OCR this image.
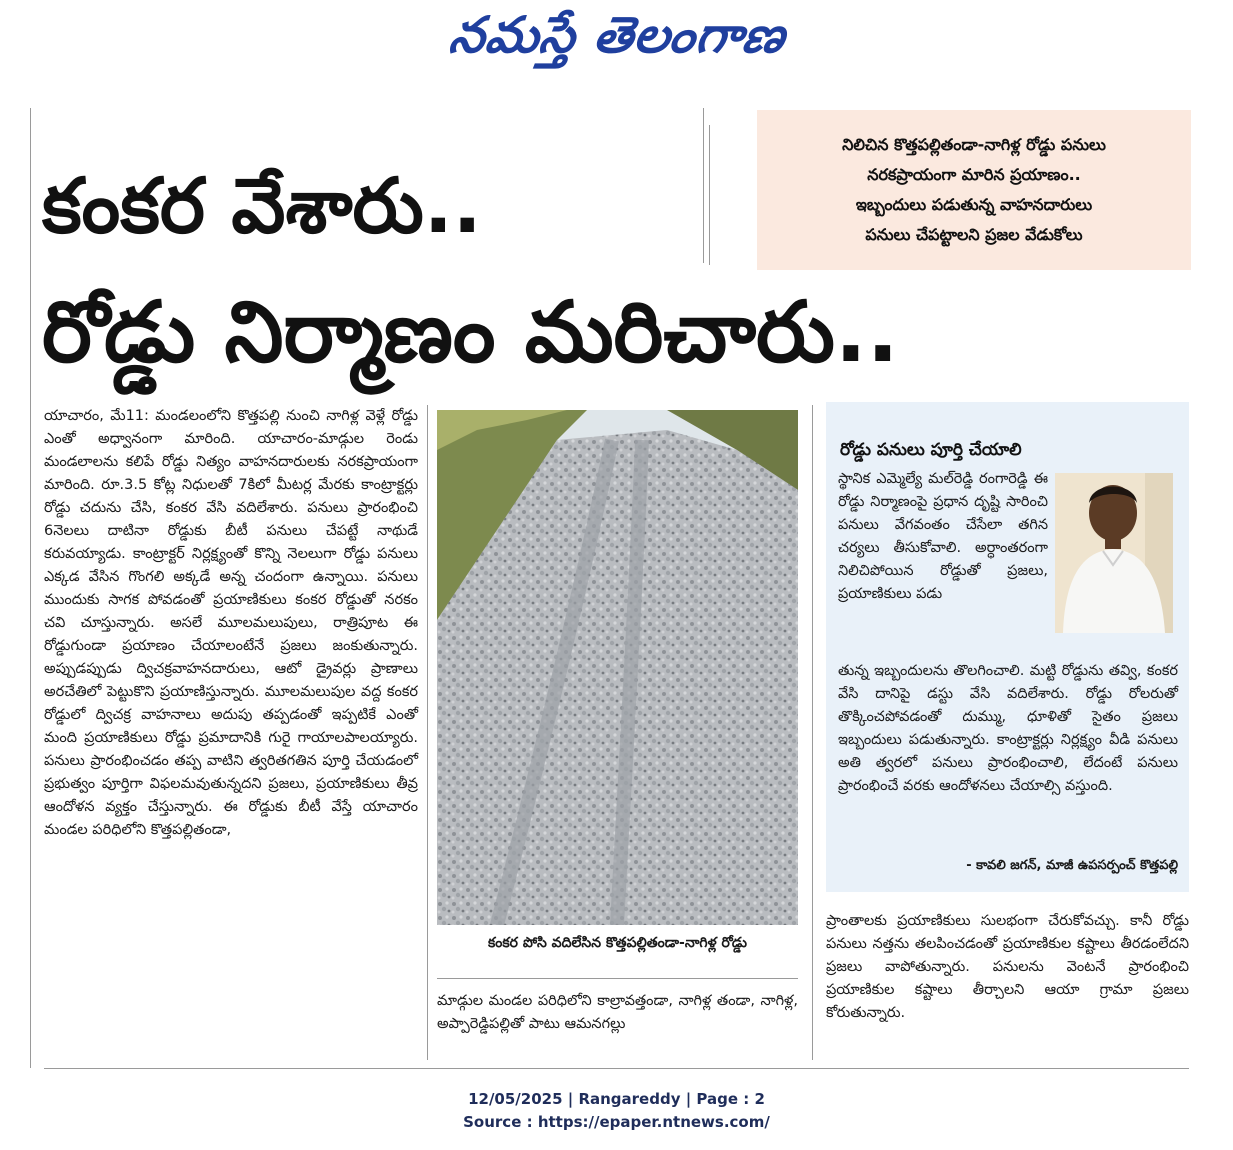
నమస్తే తెలంగాణ
కంకర వేశారు..
రోడ్డు నిర్మాణం మరిచారు..
నిలిచిన కొత్తపల్లితండా-నాగిళ్ల రోడ్డు పనులు
నరకప్రాయంగా మారిన ప్రయాణం..
ఇబ్బందులు పడుతున్న వాహనదారులు
పనులు చేపట్టాలని ప్రజల వేడుకోలు

యాచారం, మే11: మండలంలోని కొత్తపల్లి నుంచి నాగిళ్ల వెళ్లే రోడ్డు ఎంతో అధ్వానంగా మారింది. యాచారం-మాడ్గుల రెండు మండలాలను కలిపే రోడ్డు నిత్యం వాహనదారులకు నరకప్రాయంగా మారింది. రూ.3.5 కోట్ల నిధులతో 7కిలో మీటర్ల మేరకు కాంట్రాక్టర్లు రోడ్డు చదును చేసి, కంకర వేసి వదిలేశారు. పనులు ప్రారంభించి 6నెలలు దాటినా రోడ్డుకు బీటీ పనులు చేపట్టే నాథుడే కరువయ్యాడు. కాంట్రాక్టర్ నిర్లక్ష్యంతో కొన్ని నెలలుగా రోడ్డు పనులు ఎక్కడ వేసిన గొంగలి అక్కడే అన్న చందంగా ఉన్నాయి. పనులు ముందుకు సాగక పోవడంతో ప్రయాణికులు కంకర రోడ్డుతో నరకం చవి చూస్తున్నారు. అసలే మూలమలుపులు, రాత్రిపూట ఈ రోడ్డుగుండా ప్రయాణం చేయాలంటేనే ప్రజలు జంకుతున్నారు. అప్పుడప్పుడు ద్విచక్రవాహనదారులు, ఆటో డ్రైవర్లు ప్రాణాలు అరచేతిలో పెట్టుకొని ప్రయాణిస్తున్నారు. మూలమలుపుల వద్ద కంకర రోడ్డులో ద్విచక్ర వాహనాలు అదుపు తప్పడంతో ఇప్పటికే ఎంతో మంది ప్రయాణికులు రోడ్డు ప్రమాదానికి గురై గాయాలపాలయ్యారు. పనులు ప్రారంభించడం తప్ప వాటిని త్వరితగతిన పూర్తి చేయడంలో ప్రభుత్వం పూర్తిగా విఫలమవుతున్నదని ప్రజలు, ప్రయాణికులు తీవ్ర ఆందోళన వ్యక్తం చేస్తున్నారు. ఈ రోడ్డుకు బీటీ వేస్తే యాచారం మండల పరిధిలోని కొత్తపల్లితండా,

కంకర పోసి వదిలేసిన కొత్తపల్లితండా-నాగిళ్ల రోడ్డు

మాడ్గుల మండల పరిధిలోని కాల్రావత్తండా, నాగిళ్ల తండా, నాగిళ్ల, అప్పారెడ్డిపల్లితో పాటు ఆమనగల్లు

రోడ్డు పనులు పూర్తి చేయాలి

స్థానిక ఎమ్మెల్యే మల్‌రెడ్డి రంగారెడ్డి ఈ రోడ్డు నిర్మాణంపై ప్రధాన దృష్టి సారించి పనులు వేగవంతం చేసేలా తగిన చర్యలు తీసుకోవాలి. అర్ధాంతరంగా నిలిచిపోయిన రోడ్డుతో ప్రజలు, ప్రయాణికులు పడు

తున్న ఇబ్బందులను తొలగించాలి. మట్టి రోడ్డును తవ్వి, కంకర వేసి దానిపై డస్టు వేసి వదిలేశారు. రోడ్డు రోలరుతో తొక్కించపోవడంతో దుమ్ము, ధూళితో సైతం ప్రజలు ఇబ్బందులు పడుతున్నారు. కాంట్రాక్టర్లు నిర్లక్ష్యం వీడి పనులు అతి త్వరలో పనులు ప్రారంభించాలి, లేదంటే పనులు ప్రారంభించే వరకు ఆందోళనలు చేయాల్సి వస్తుంది.

- కావలి జగన్, మాజీ ఉపసర్పంచ్ కొత్తపల్లి

ప్రాంతాలకు ప్రయాణికులు సులభంగా చేరుకోవచ్చు. కానీ రోడ్డు పనులు నత్తను తలపించడంతో ప్రయాణికుల కష్టాలు తీరడంలేదని ప్రజలు వాపోతున్నారు. పనులను వెంటనే ప్రారంభించి ప్రయాణికుల కష్టాలు తీర్చాలని ఆయా గ్రామా ప్రజలు కోరుతున్నారు.

12/05/2025 | Rangareddy | Page : 2
Source : https://epaper.ntnews.com/
